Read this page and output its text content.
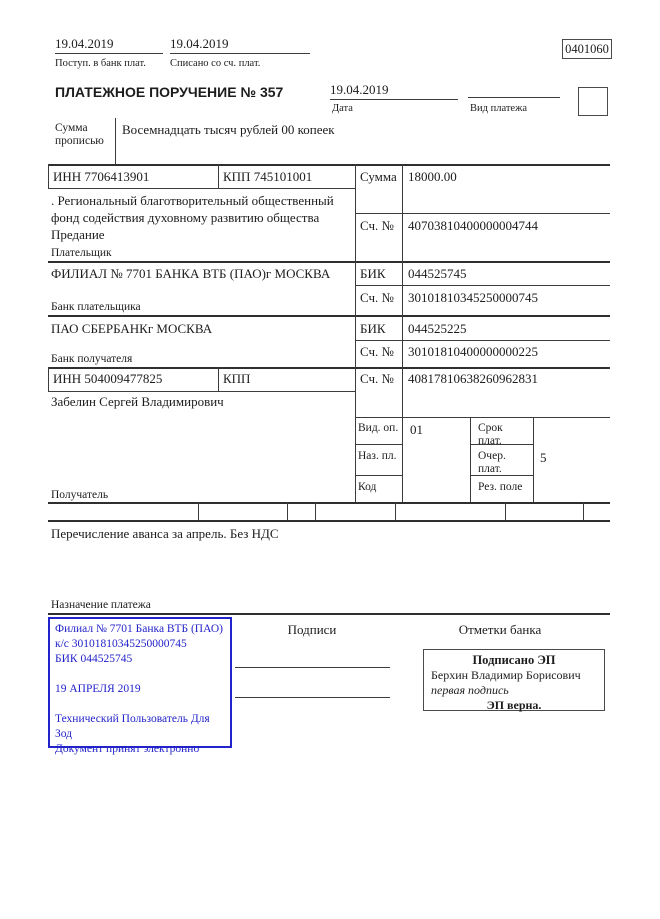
19.04.2019
Поступ. в банк плат.
19.04.2019
Списано со сч. плат.
0401060
ПЛАТЕЖНОЕ ПОРУЧЕНИЕ № 357	19.04.2019
Дата	Вид платежа
Сумма прописью
Восемнадцать тысяч рублей 00 копеек
ИНН 7706413901	КПП 745101001	Сумма 18000.00
. Региональный благотворительный общественный фонд содействия духовному развитию общества Предание
Сч. № 40703810400000004744
Плательщик
ФИЛИАЛ № 7701 БАНКА ВТБ (ПАО)г МОСКВА БИК 044525745
Сч. № 30101810345250000745
Банк плательщика
ПАО СБЕРБАНКг МОСКВА	БИК 044525225
Сч. № 30101810400000000225
Банк получателя
ИНН 504009477825	КПП	Сч. № 40817810638260962831
Забелин Сергей Владимирович
Вид. оп. 01	Срок плат.
Наз. пл.	Очер. плат.
5
Код	Рез. поле
Получатель
Перечисление аванса за апрель. Без НДС
Назначение платежа
Филиал № 7701 Банка ВТБ (ПАО)
к/с 30101810345250000745
БИК 044525745
19 АПРЕЛЯ 2019
Технический Пользователь Для Зод
Документ принят электронно
Подписи	Отметки банка
Подписано ЭП
Берхин Владимир Борисович
первая подпись
ЭП верна.
